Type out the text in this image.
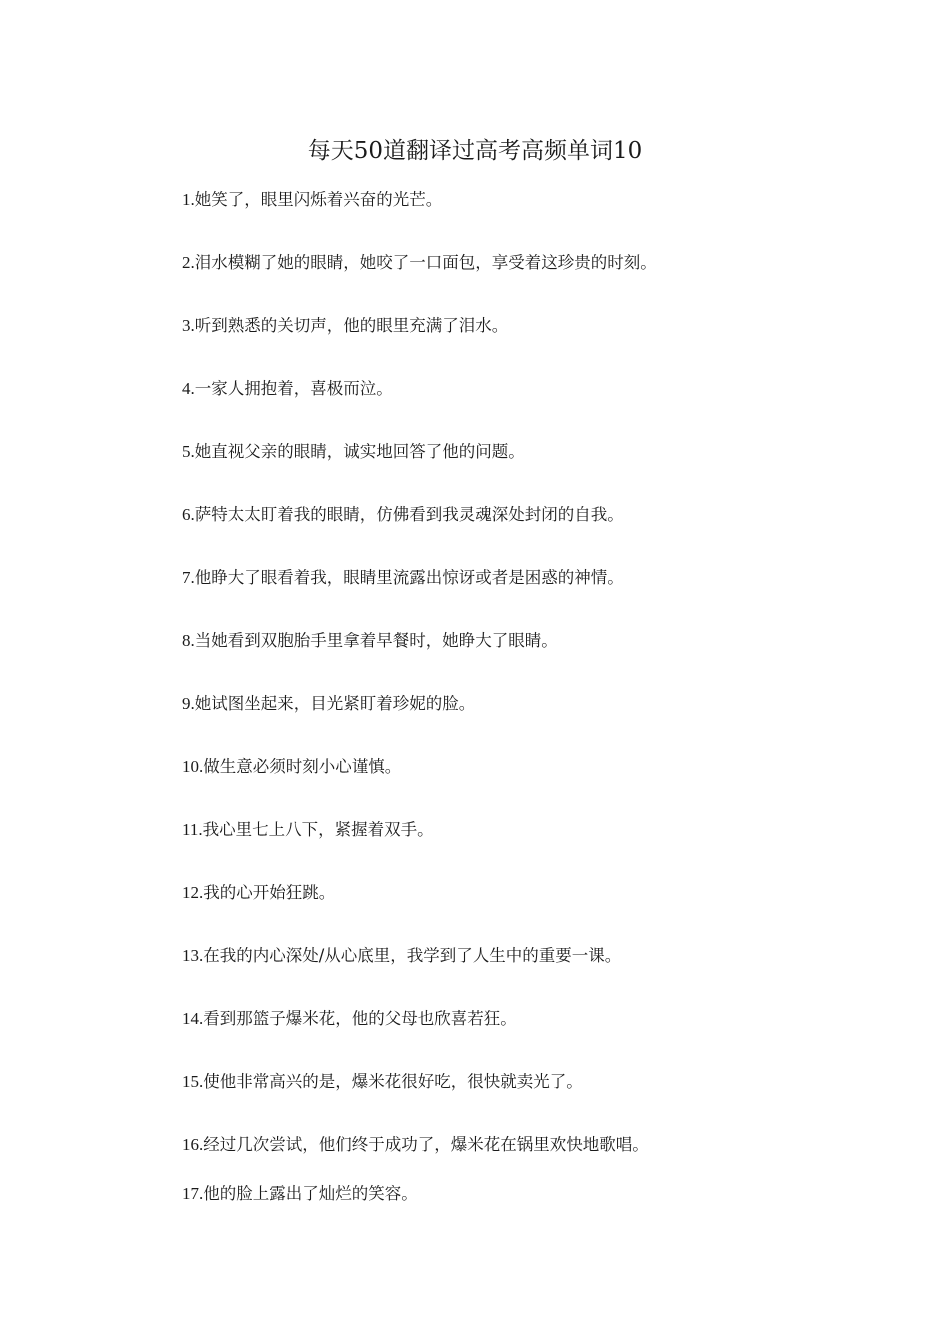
每天50道翻译过高考高频单词10
1.她笑了，眼里闪烁着兴奋的光芒。
2.泪水模糊了她的眼睛，她咬了一口面包，享受着这珍贵的时刻。
3.听到熟悉的关切声，他的眼里充满了泪水。
4.一家人拥抱着，喜极而泣。
5.她直视父亲的眼睛，诚实地回答了他的问题。
6.萨特太太盯着我的眼睛，仿佛看到我灵魂深处封闭的自我。
7.他睁大了眼看着我，眼睛里流露出惊讶或者是困惑的神情。
8.当她看到双胞胎手里拿着早餐时，她睁大了眼睛。
9.她试图坐起来，目光紧盯着珍妮的脸。
10.做生意必须时刻小心谨慎。
11.我心里七上八下，紧握着双手。
12.我的心开始狂跳。
13.在我的内心深处/从心底里，我学到了人生中的重要一课。
14.看到那篮子爆米花，他的父母也欣喜若狂。
15.使他非常高兴的是，爆米花很好吃，很快就卖光了。
16.经过几次尝试，他们终于成功了，爆米花在锅里欢快地歌唱。
17.他的脸上露出了灿烂的笑容。
